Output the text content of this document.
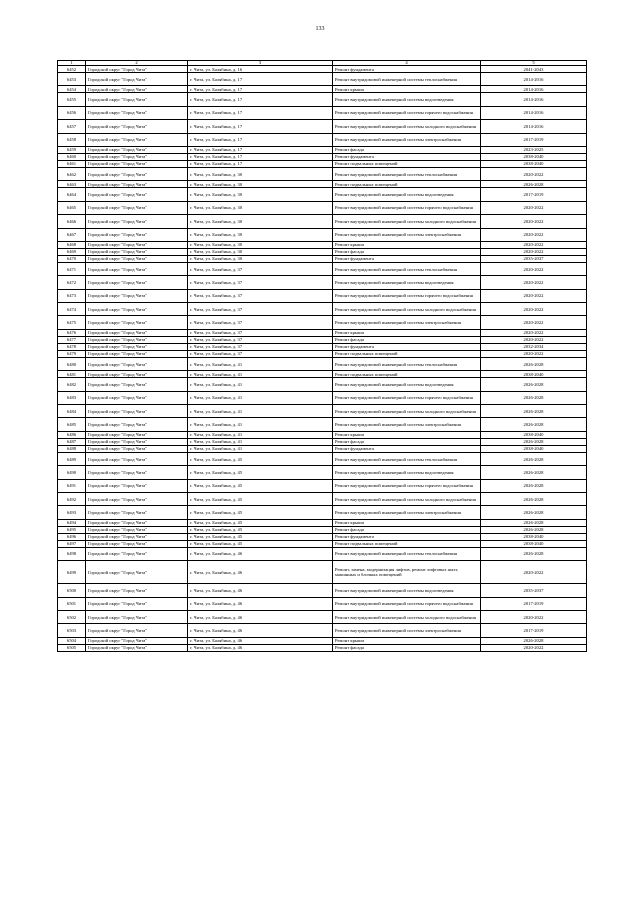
133
1	2	3	4	5
6452	Городской округ "Город Чита"	г. Чита, ул. Балябина, д. 16	Ремонт фундамента	2041-2043
6453	Городской округ "Город Чита"	г. Чита, ул. Балябина, д. 17	Ремонт внутридомовой инженерной системы теплоснабжения	2014-2016
6454	Городской округ "Город Чита"	г. Чита, ул. Балябина, д. 17	Ремонт крыши	2014-2016
6455	Городской округ "Город Чита"	г. Чита, ул. Балябина, д. 17	Ремонт внутридомовой инженерной системы водоотведения	2014-2016
6456	Городской округ "Город Чита"	г. Чита, ул. Балябина, д. 17	Ремонт внутридомовой инженерной системы горячего водоснабжения	2014-2016
6457	Городской округ "Город Чита"	г. Чита, ул. Балябина, д. 17	Ремонт внутридомовой инженерной системы холодного водоснабжения	2014-2016
6458	Городской округ "Город Чита"	г. Чита, ул. Балябина, д. 17	Ремонт внутридомовой инженерной системы электроснабжения	2017-2019
6459	Городской округ "Город Чита"	г. Чита, ул. Балябина, д. 17	Ремонт фасада	2023-2025
6460	Городской округ "Город Чита"	г. Чита, ул. Балябина, д. 17	Ремонт фундамента	2038-2040
6461	Городской округ "Город Чита"	г. Чита, ул. Балябина, д. 17	Ремонт подвальных помещений	2038-2040
6462	Городской округ "Город Чита"	г. Чита, ул. Балябина, д. 30	Ремонт внутридомовой инженерной системы теплоснабжения	2020-2022
6463	Городской округ "Город Чита"	г. Чита, ул. Балябина, д. 30	Ремонт подвальных помещений	2026-2028
6464	Городской округ "Город Чита"	г. Чита, ул. Балябина, д. 30	Ремонт внутридомовой инженерной системы водоотведения	2017-2019
6465	Городской округ "Город Чита"	г. Чита, ул. Балябина, д. 30	Ремонт внутридомовой инженерной системы горячего водоснабжения	2020-2022
6466	Городской округ "Город Чита"	г. Чита, ул. Балябина, д. 30	Ремонт внутридомовой инженерной системы холодного водоснабжения	2020-2022
6467	Городской округ "Город Чита"	г. Чита, ул. Балябина, д. 30	Ремонт внутридомовой инженерной системы электроснабжения	2020-2022
6468	Городской округ "Город Чита"	г. Чита, ул. Балябина, д. 30	Ремонт крыши	2020-2022
6469	Городской округ "Город Чита"	г. Чита, ул. Балябина, д. 30	Ремонт фасада	2020-2022
6470	Городской округ "Город Чита"	г. Чита, ул. Балябина, д. 30	Ремонт фундамента	2035-2037
6471	Городской округ "Город Чита"	г. Чита, ул. Балябина, д. 37	Ремонт внутридомовой инженерной системы теплоснабжения	2020-2022
6472	Городской округ "Город Чита"	г. Чита, ул. Балябина, д. 37	Ремонт внутридомовой инженерной системы водоотведения	2020-2022
6473	Городской округ "Город Чита"	г. Чита, ул. Балябина, д. 37	Ремонт внутридомовой инженерной системы горячего водоснабжения	2020-2022
6474	Городской округ "Город Чита"	г. Чита, ул. Балябина, д. 37	Ремонт внутридомовой инженерной системы холодного водоснабжения	2020-2022
6475	Городской округ "Город Чита"	г. Чита, ул. Балябина, д. 37	Ремонт внутридомовой инженерной системы электроснабжения	2020-2022
6476	Городской округ "Город Чита"	г. Чита, ул. Балябина, д. 37	Ремонт крыши	2020-2022
6477	Городской округ "Город Чита"	г. Чита, ул. Балябина, д. 37	Ремонт фасада	2020-2022
6478	Городской округ "Город Чита"	г. Чита, ул. Балябина, д. 37	Ремонт фундамента	2032-2034
6479	Городской округ "Город Чита"	г. Чита, ул. Балябина, д. 37	Ремонт подвальных помещений	2020-2022
6480	Городской округ "Город Чита"	г. Чита, ул. Балябина, д. 41	Ремонт внутридомовой инженерной системы теплоснабжения	2026-2028
6481	Городской округ "Город Чита"	г. Чита, ул. Балябина, д. 41	Ремонт подвальных помещений	2038-2040
6482	Городской округ "Город Чита"	г. Чита, ул. Балябина, д. 41	Ремонт внутридомовой инженерной системы водоотведения	2026-2028
6483	Городской округ "Город Чита"	г. Чита, ул. Балябина, д. 41	Ремонт внутридомовой инженерной системы горячего водоснабжения	2026-2028
6484	Городской округ "Город Чита"	г. Чита, ул. Балябина, д. 41	Ремонт внутридомовой инженерной системы холодного водоснабжения	2026-2028
6485	Городской округ "Город Чита"	г. Чита, ул. Балябина, д. 41	Ремонт внутридомовой инженерной системы электроснабжения	2026-2028
6486	Городской округ "Город Чита"	г. Чита, ул. Балябина, д. 41	Ремонт крыши	2038-2040
6487	Городской округ "Город Чита"	г. Чита, ул. Балябина, д. 41	Ремонт фасада	2026-2028
6488	Городской округ "Город Чита"	г. Чита, ул. Балябина, д. 41	Ремонт фундамента	2038-2040
6489	Городской округ "Город Чита"	г. Чита, ул. Балябина, д. 45	Ремонт внутридомовой инженерной системы теплоснабжения	2026-2028
6490	Городской округ "Город Чита"	г. Чита, ул. Балябина, д. 45	Ремонт внутридомовой инженерной системы водоотведения	2026-2028
6491	Городской округ "Город Чита"	г. Чита, ул. Балябина, д. 45	Ремонт внутридомовой инженерной системы горячего водоснабжения	2026-2028
6492	Городской округ "Город Чита"	г. Чита, ул. Балябина, д. 45	Ремонт внутридомовой инженерной системы холодного водоснабжения	2026-2028
6493	Городской округ "Город Чита"	г. Чита, ул. Балябина, д. 45	Ремонт внутридомовой инженерной системы электроснабжения	2026-2028
6494	Городской округ "Город Чита"	г. Чита, ул. Балябина, д. 45	Ремонт крыши	2026-2028
6495	Городской округ "Город Чита"	г. Чита, ул. Балябина, д. 45	Ремонт фасада	2026-2028
6496	Городской округ "Город Чита"	г. Чита, ул. Балябина, д. 45	Ремонт фундамента	2038-2040
6497	Городской округ "Город Чита"	г. Чита, ул. Балябина, д. 45	Ремонт подвальных помещений	2038-2040
6498	Городской округ "Город Чита"	г. Чита, ул. Балябина, д. 46	Ремонт внутридомовой инженерной системы теплоснабжения	2026-2028
6499	Городской округ "Город Чита"	г. Чита, ул. Балябина, д. 46	Ремонт, замена, модернизация лифтов, ремонт лифтовых шахт, машинных и блочных помещений	2020-2022
6500	Городской округ "Город Чита"	г. Чита, ул. Балябина, д. 46	Ремонт внутридомовой инженерной системы водоотведения	2035-2037
6501	Городской округ "Город Чита"	г. Чита, ул. Балябина, д. 46	Ремонт внутридомовой инженерной системы горячего водоснабжения	2017-2019
6502	Городской округ "Город Чита"	г. Чита, ул. Балябина, д. 46	Ремонт внутридомовой инженерной системы холодного водоснабжения	2020-2022
6503	Городской округ "Город Чита"	г. Чита, ул. Балябина, д. 46	Ремонт внутридомовой инженерной системы электроснабжения	2017-2019
6504	Городской округ "Город Чита"	г. Чита, ул. Балябина, д. 46	Ремонт крыши	2026-2028
6505	Городской округ "Город Чита"	г. Чита, ул. Балябина, д. 46	Ремонт фасада	2020-2022
